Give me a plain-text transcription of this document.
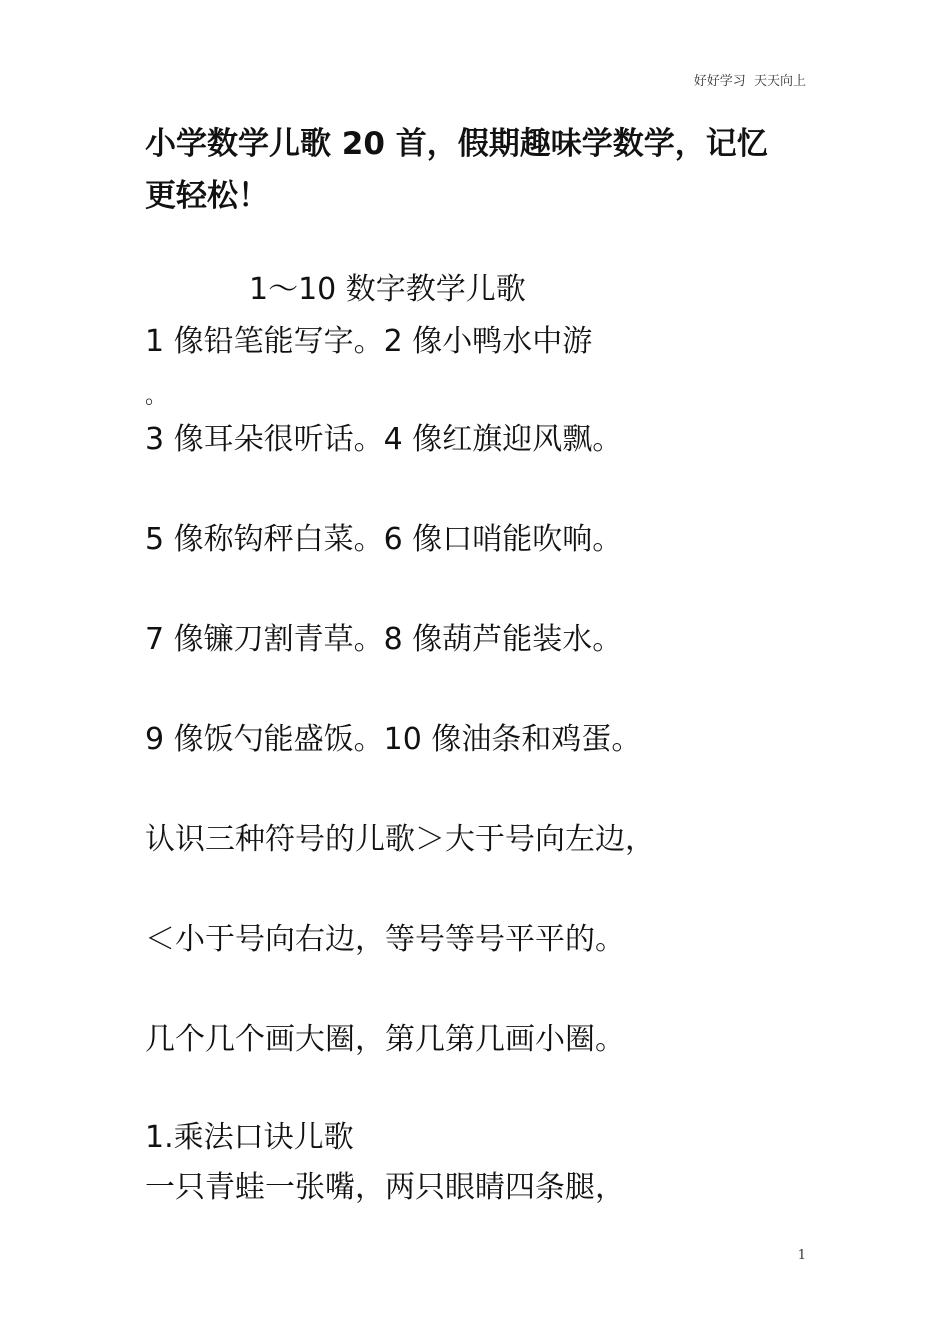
好好学习  天天向上
小学数学儿歌 20 首，假期趣味学数学，记忆
更轻松！
1～10 数字教学儿歌
1 像铅笔能写字。2 像小鸭水中游
。
3 像耳朵很听话。4 像红旗迎风飘。
5 像称钩秤白菜。6 像口哨能吹响。
7 像镰刀割青草。8 像葫芦能装水。
9 像饭勺能盛饭。10 像油条和鸡蛋。
认识三种符号的儿歌＞大于号向左边，
＜小于号向右边，等号等号平平的。
几个几个画大圈，第几第几画小圈。
1.乘法口诀儿歌
一只青蛙一张嘴，两只眼睛四条腿，
1
